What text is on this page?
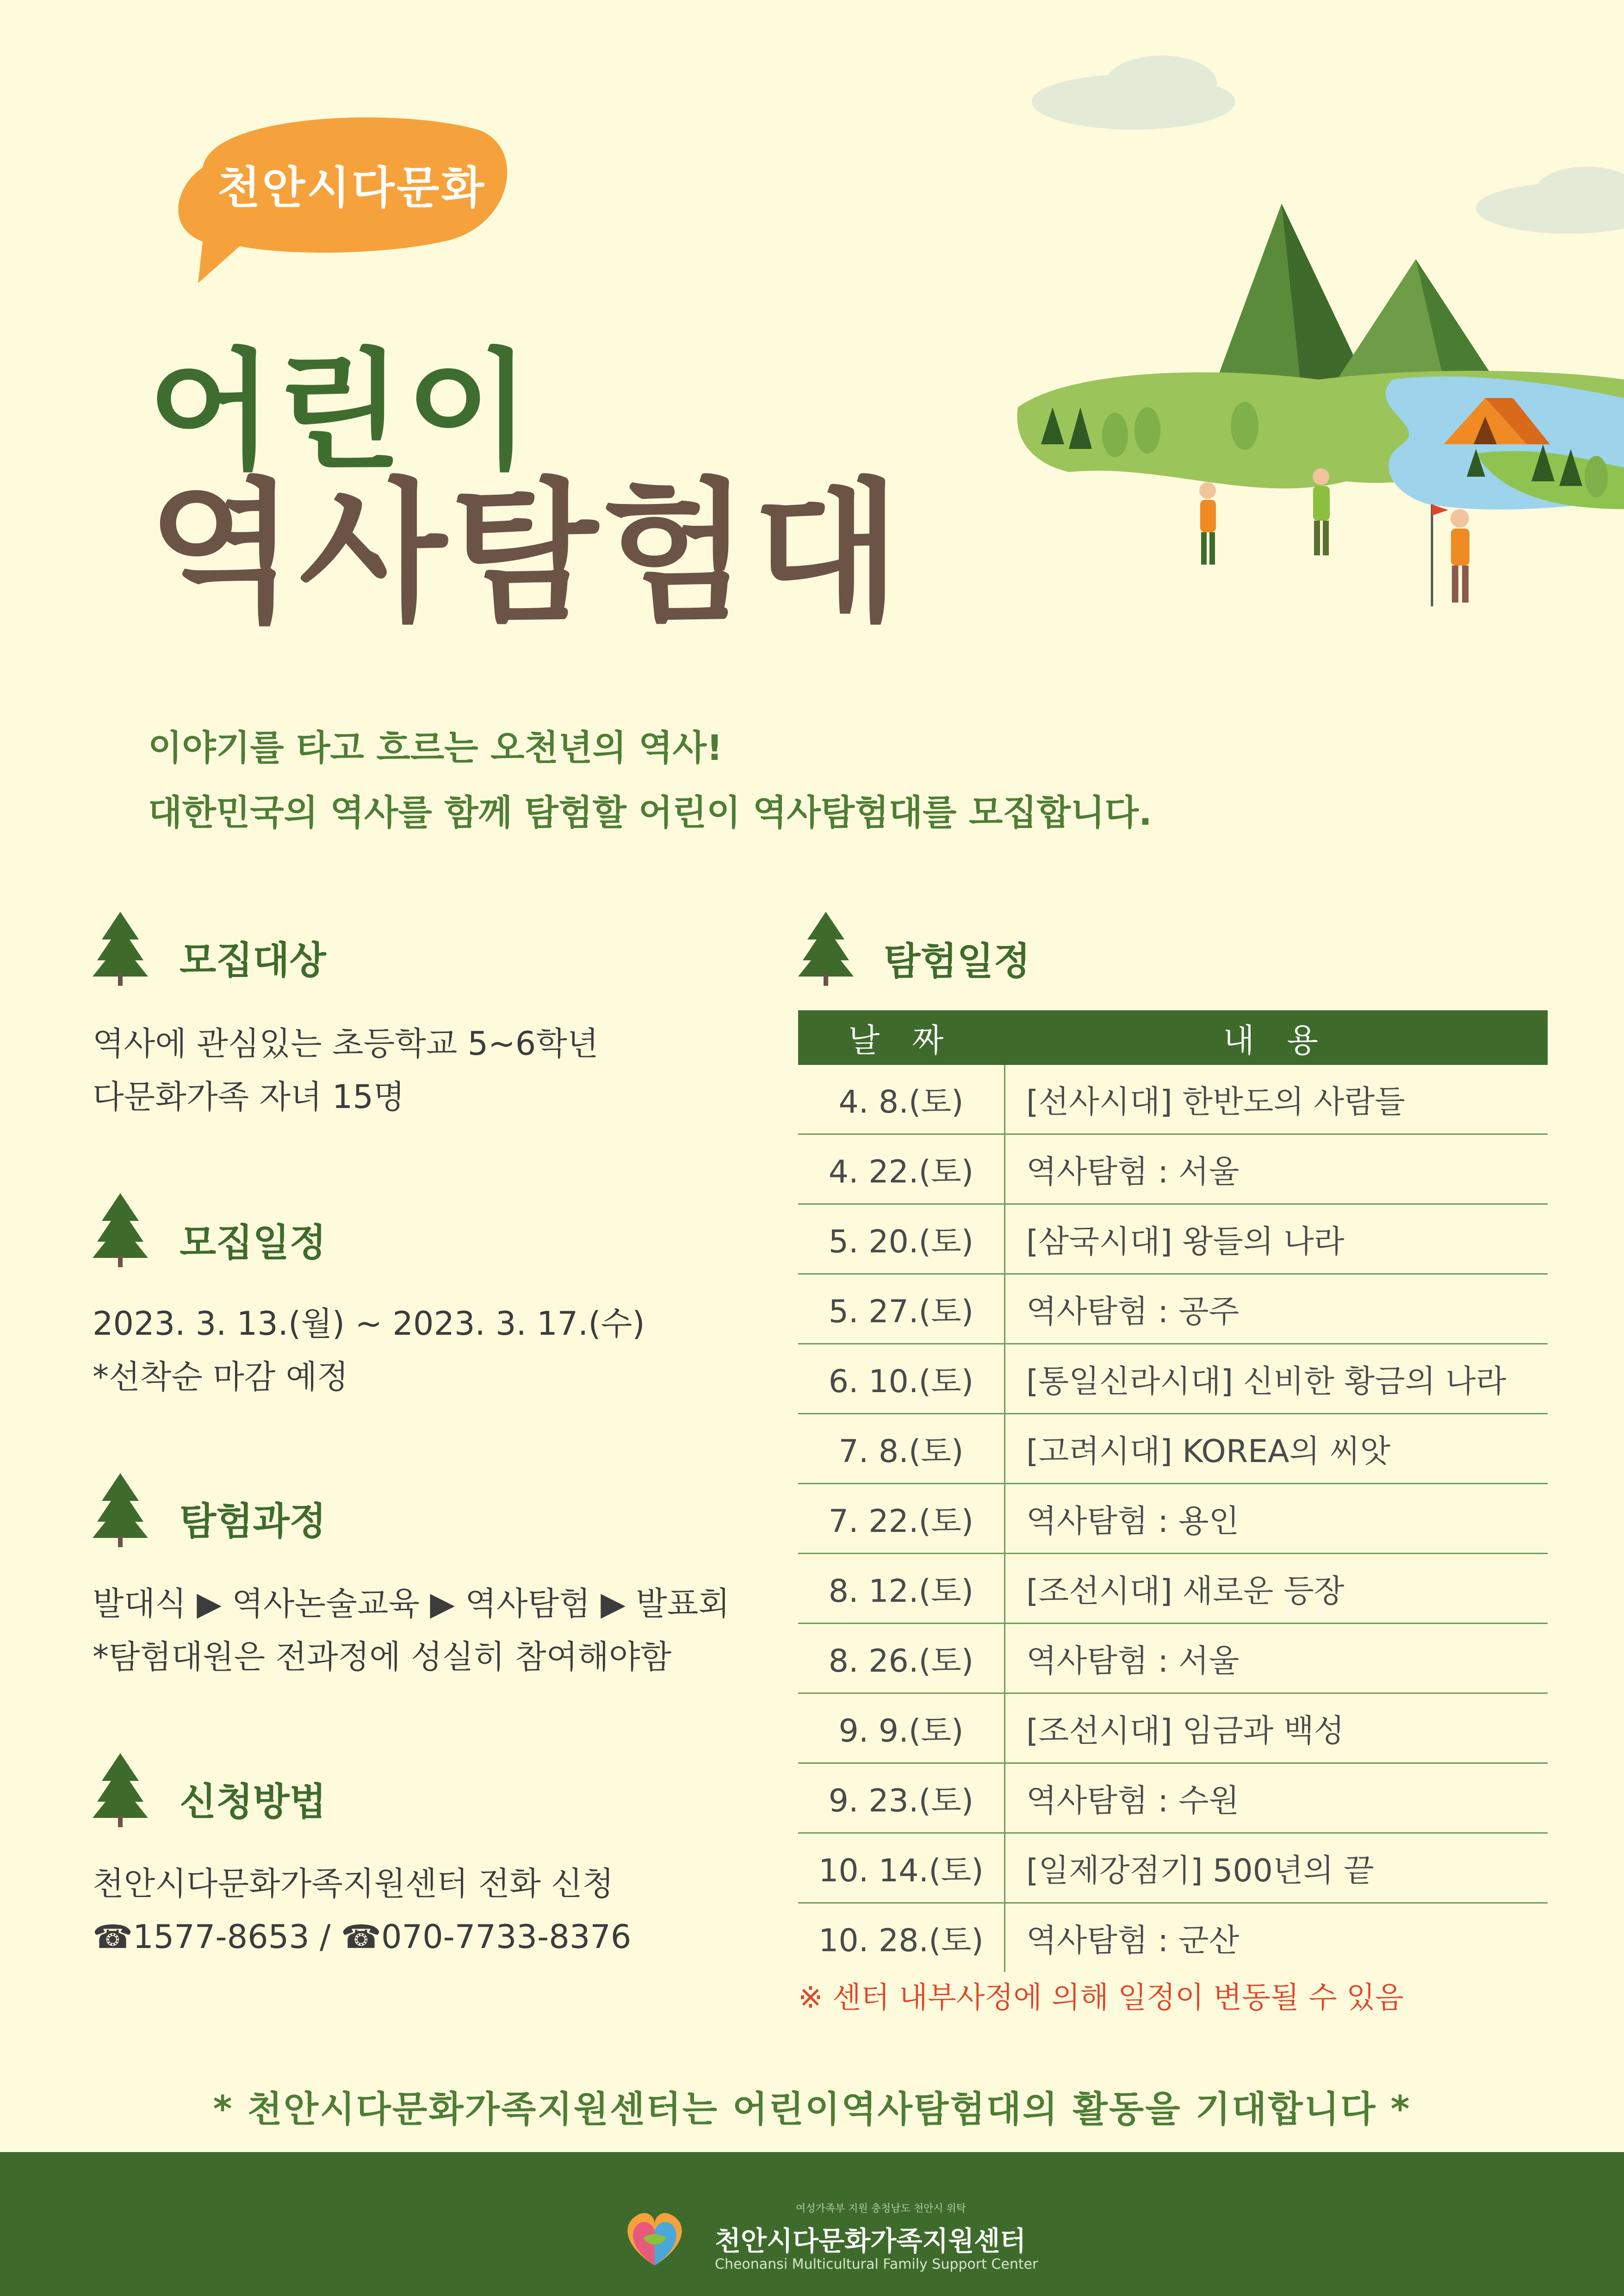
천안시다문화
어린이
역사탐험대
이야기를 타고 흐르는 오천년의 역사!
대한민국의 역사를 함께 탐험할 어린이 역사탐험대를 모집합니다.
모집대상
역사에 관심있는 초등학교 5~6학년
다문화가족 자녀 15명
모집일정
2023. 3. 13.(월) ~ 2023. 3. 17.(수)
*선착순 마감 예정
탐험과정
발대식 ▶ 역사논술교육 ▶ 역사탐험 ▶ 발표회
*탐험대원은 전과정에 성실히 참여해야함
신청방법
천안시다문화가족지원센터 전화 신청
☎1577-8653 / ☎070-7733-8376
탐험일정
날 짜	내 용
4. 8.(토)	[선사시대] 한반도의 사람들
4. 22.(토)	역사탐험 : 서울
5. 20.(토)	[삼국시대] 왕들의 나라
5. 27.(토)	역사탐험 : 공주
6. 10.(토)	[통일신라시대] 신비한 황금의 나라
7. 8.(토)	[고려시대] KOREA의 씨앗
7. 22.(토)	역사탐험 : 용인
8. 12.(토)	[조선시대] 새로운 등장
8. 26.(토)	역사탐험 : 서울
9. 9.(토)	[조선시대] 임금과 백성
9. 23.(토)	역사탐험 : 수원
10. 14.(토)	[일제강점기] 500년의 끝
10. 28.(토)	역사탐험 : 군산
※ 센터 내부사정에 의해 일정이 변동될 수 있음
* 천안시다문화가족지원센터는 어린이역사탐험대의 활동을 기대합니다 *
여성가족부 지원 충청남도 천안시 위탁
천안시다문화가족지원센터
Cheonansi Multicultural Family Support Center
